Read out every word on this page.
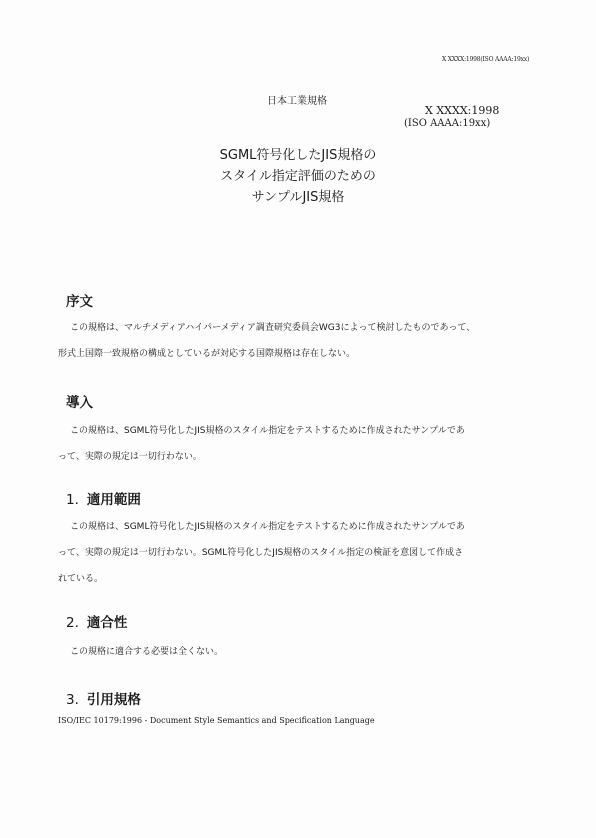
X XXXX:1998(ISO AAAA:19xx)
日本工業規格
X XXXX:1998
(ISO AAAA:19xx)
SGML符号化したJIS規格の
スタイル指定評価のための
サンプルJIS規格
序文
この規格は、マルチメディアハイパーメディア調査研究委員会WG3によって検討したものであって、
形式上国際一致規格の構成としているが対応する国際規格は存在しない。
導入
この規格は、SGML符号化したJIS規格のスタイル指定をテストするために作成されたサンプルであ
って、実際の規定は一切行わない。
1. 適用範囲
この規格は、SGML符号化したJIS規格のスタイル指定をテストするために作成されたサンプルであ
って、実際の規定は一切行わない。SGML符号化したJIS規格のスタイル指定の検証を意図して作成さ
れている。
2. 適合性
この規格に適合する必要は全くない。
3. 引用規格
ISO/IEC 10179:1996 - Document Style Semantics and Specification Language
